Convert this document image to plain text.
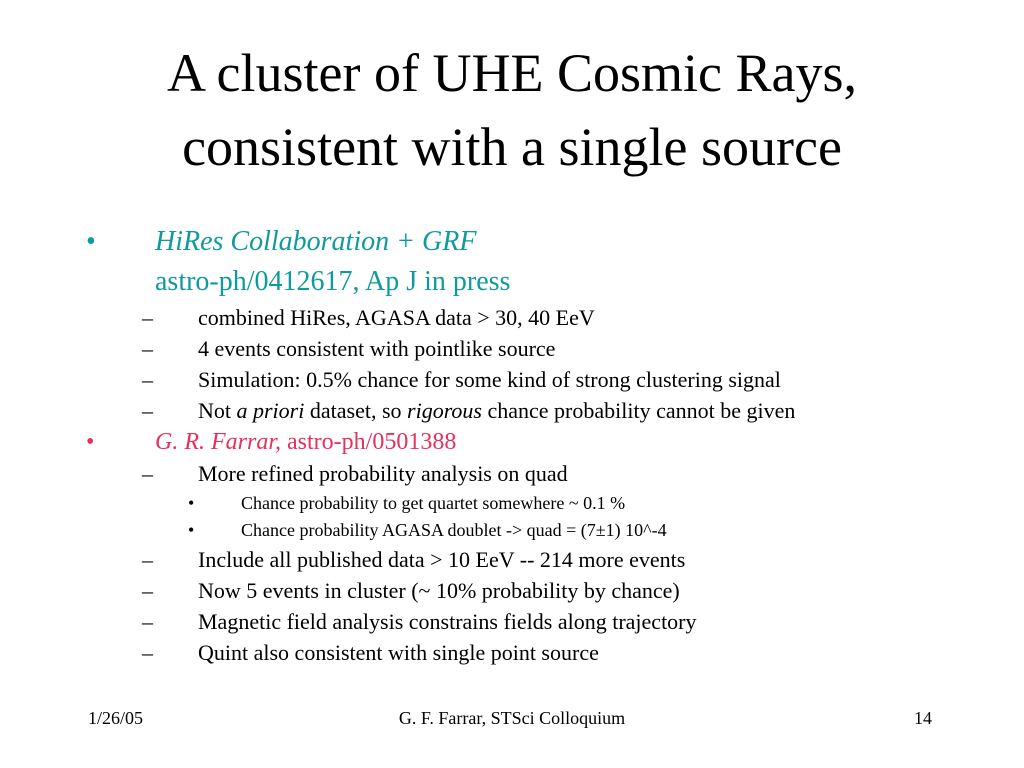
A cluster of UHE Cosmic Rays,
consistent with a single source
• HiRes Collaboration + GRF
astro-ph/0412617, Ap J in press
– combined HiRes, AGASA data > 30, 40 EeV
– 4 events consistent with pointlike source
– Simulation: 0.5% chance for some kind of strong clustering signal
– Not a priori dataset, so rigorous chance probability cannot be given
•	G. R. Farrar, astro-ph/0501388
– More refined probability analysis on quad
•	Chance probability to get quartet somewhere ~ 0.1 %
•	Chance probability AGASA doublet -> quad = (7±1) 10^-4
– Include all published data > 10 EeV -- 214 more events
– Now 5 events in cluster (~ 10% probability by chance)
– Magnetic field analysis constrains fields along trajectory
– Quint also consistent with single point source
1/26/05	G. F. Farrar, STSci Colloquium	14
